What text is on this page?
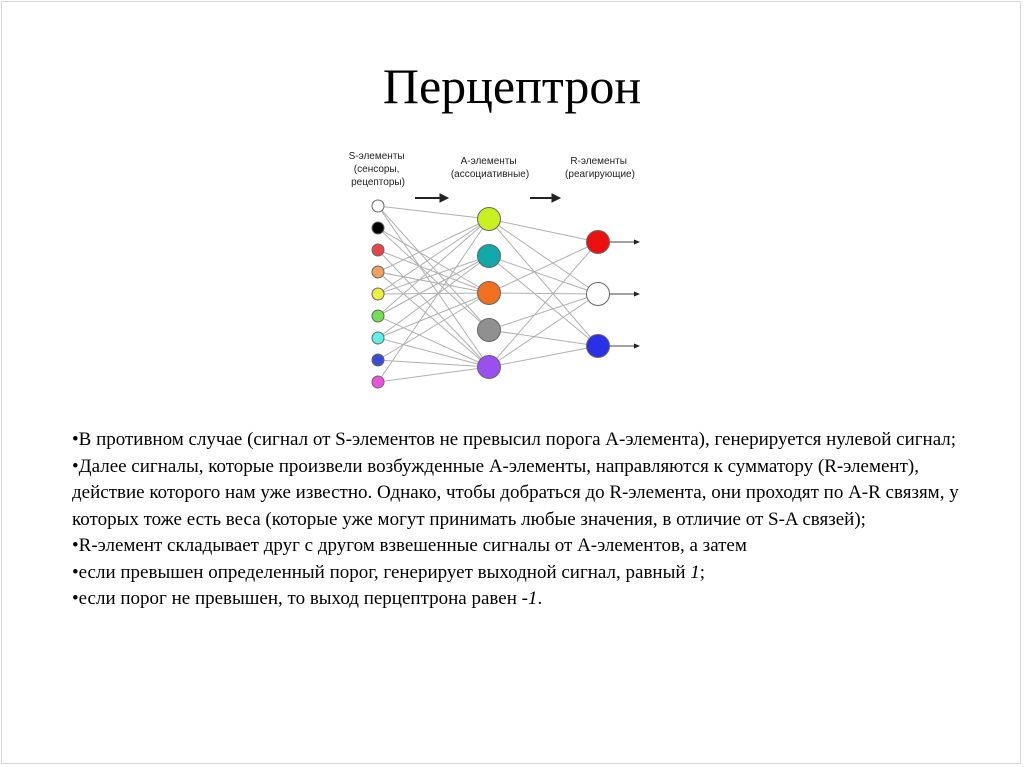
Перцептрон
S-элементы (сенсоры, рецепторы)
А-элементы (ассоциативные)
R-элементы (реагирующие)

•В противном случае (сигнал от S-элементов не превысил порога A-элемента), генерируется нулевой сигнал;

•Далее сигналы, которые произвели возбужденные A-элементы, направляются к сумматору (R-элемент), действие которого нам уже известно. Однако, чтобы добраться до R-элемента, они проходят по A-R связям, у которых тоже есть веса (которые уже могут принимать любые значения, в отличие от S-A связей);

•R-элемент складывает друг с другом взвешенные сигналы от A-элементов, а затем

•если превышен определенный порог, генерирует выходной сигнал, равный 1;

•если порог не превышен, то выход перцептрона равен -1.
